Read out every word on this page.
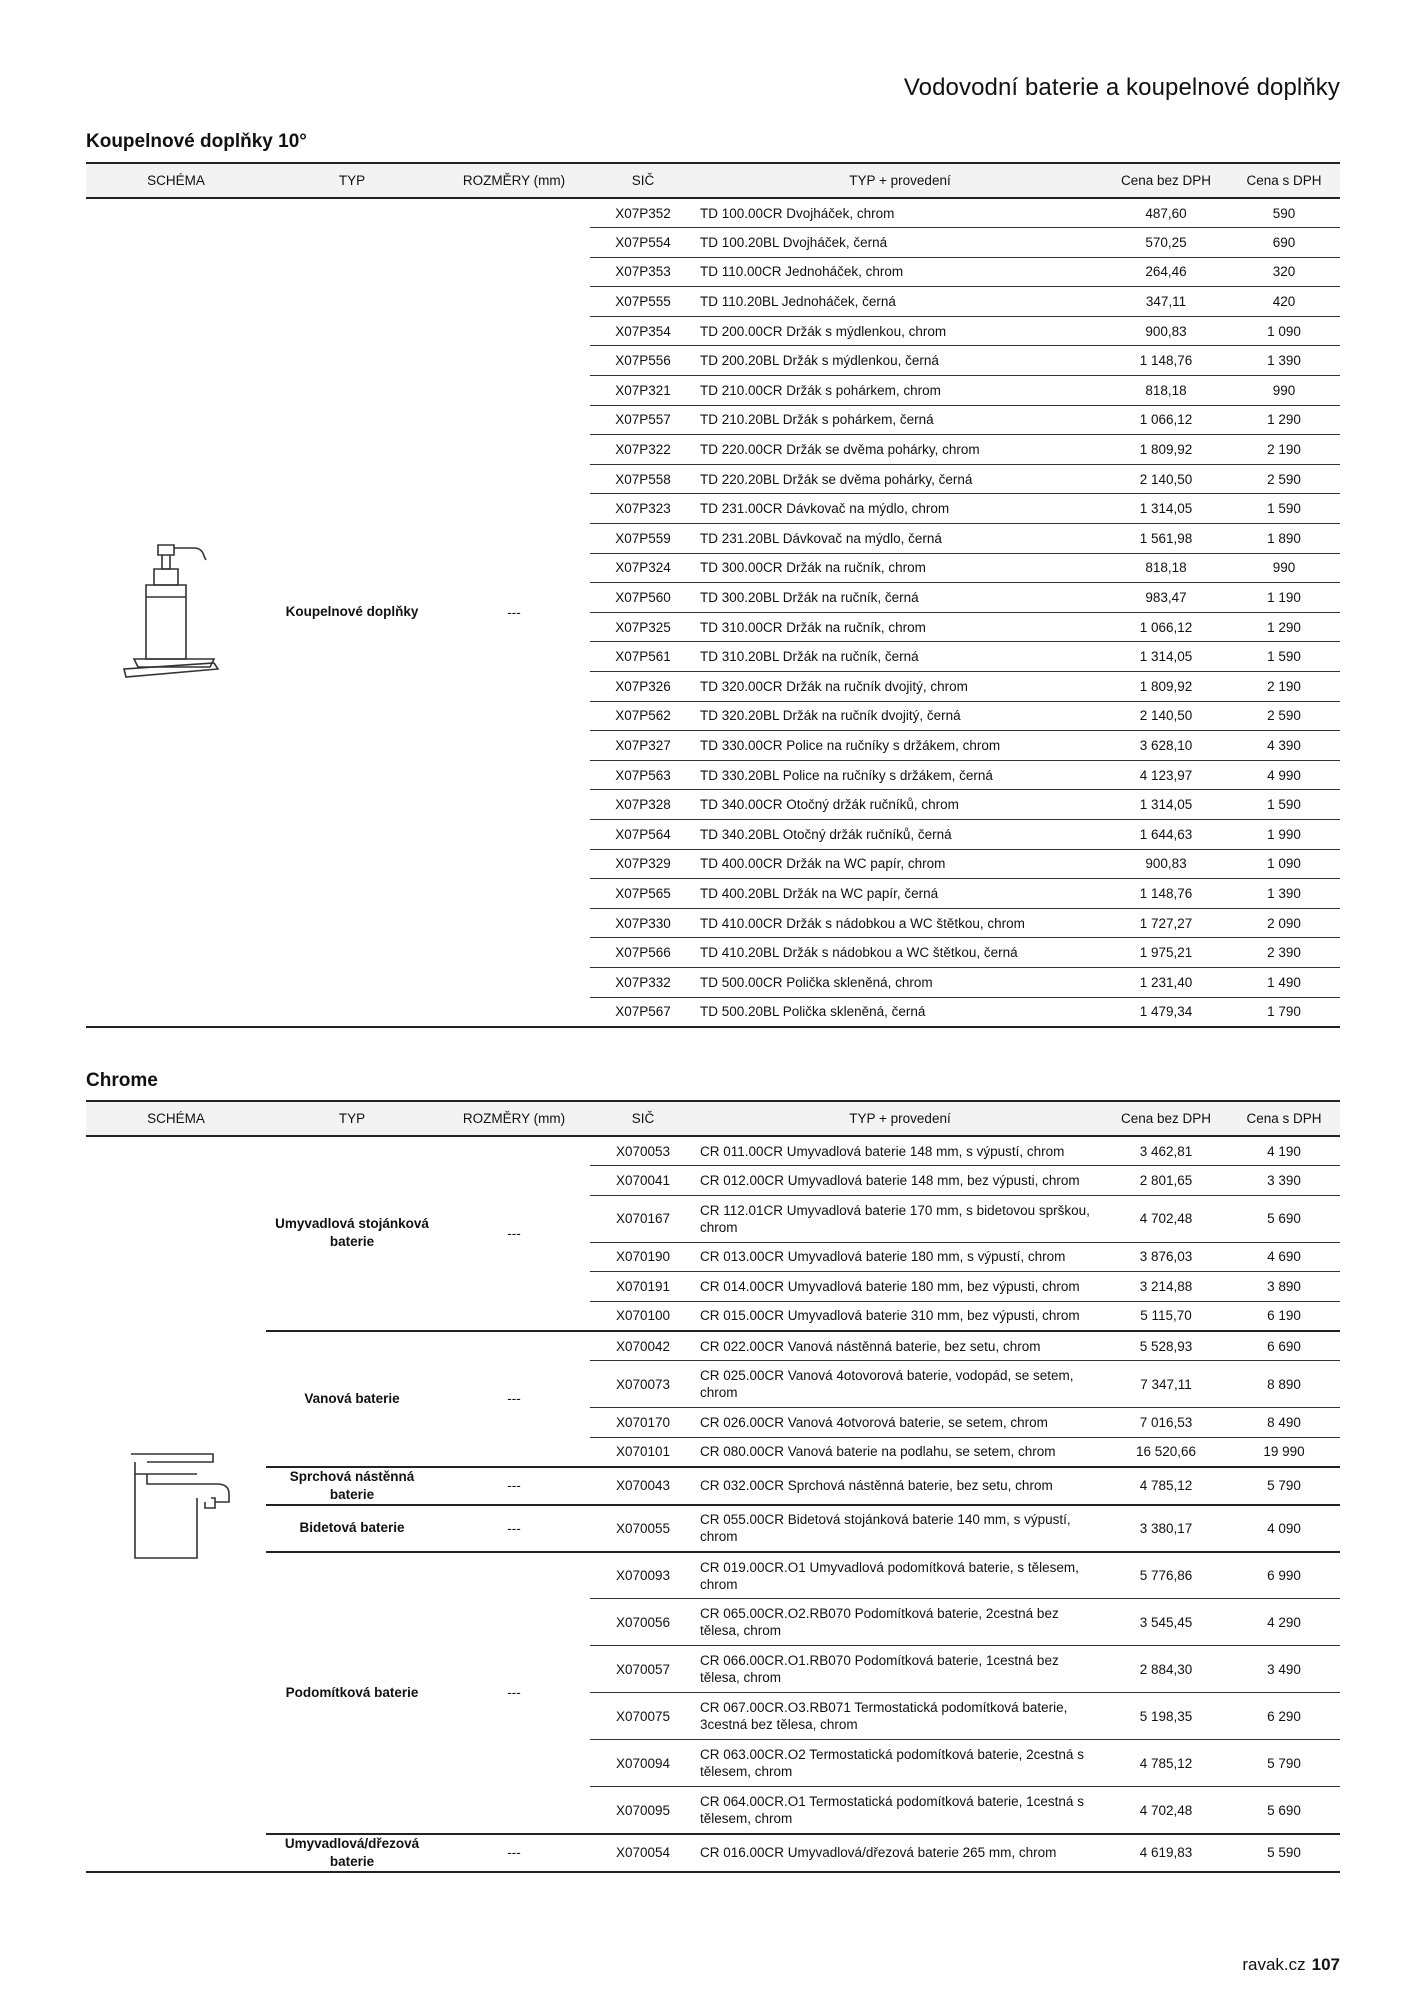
Vodovodní baterie a koupelnové doplňky
Koupelnové doplňky 10°
SCHÉMA	TYP	ROZMĚRY (mm)	SIČ	TYP + provedení	Cena bez DPH	Cena s DPH

	Koupelnové doplňky	---	X07P352	TD 100.00CR Dvojháček, chrom	487,60	590
			X07P554	TD 100.20BL Dvojháček, černá	570,25	690
			X07P353	TD 110.00CR Jednoháček, chrom	264,46	320
			X07P555	TD 110.20BL Jednoháček, černá	347,11	420
			X07P354	TD 200.00CR Držák s mýdlenkou, chrom	900,83	1 090
			X07P556	TD 200.20BL Držák s mýdlenkou, černá	1 148,76	1 390
			X07P321	TD 210.00CR Držák s pohárkem, chrom	818,18	990
			X07P557	TD 210.20BL Držák s pohárkem, černá	1 066,12	1 290
			X07P322	TD 220.00CR Držák se dvěma pohárky, chrom	1 809,92	2 190
			X07P558	TD 220.20BL Držák se dvěma pohárky, černá	2 140,50	2 590
			X07P323	TD 231.00CR Dávkovač na mýdlo, chrom	1 314,05	1 590
			X07P559	TD 231.20BL Dávkovač na mýdlo, černá	1 561,98	1 890
			X07P324	TD 300.00CR Držák na ručník, chrom	818,18	990
			X07P560	TD 300.20BL Držák na ručník, černá	983,47	1 190
			X07P325	TD 310.00CR Držák na ručník, chrom	1 066,12	1 290
			X07P561	TD 310.20BL Držák na ručník, černá	1 314,05	1 590
			X07P326	TD 320.00CR Držák na ručník dvojitý, chrom	1 809,92	2 190
			X07P562	TD 320.20BL Držák na ručník dvojitý, černá	2 140,50	2 590
			X07P327	TD 330.00CR Police na ručníky s držákem, chrom	3 628,10	4 390
			X07P563	TD 330.20BL Police na ručníky s držákem, černá	4 123,97	4 990
			X07P328	TD 340.00CR Otočný držák ručníků, chrom	1 314,05	1 590
			X07P564	TD 340.20BL Otočný držák ručníků, černá	1 644,63	1 990
			X07P329	TD 400.00CR Držák na WC papír, chrom	900,83	1 090
			X07P565	TD 400.20BL Držák na WC papír, černá	1 148,76	1 390
			X07P330	TD 410.00CR Držák s nádobkou a WC štětkou, chrom	1 727,27	2 090
			X07P566	TD 410.20BL Držák s nádobkou a WC štětkou, černá	1 975,21	2 390
			X07P332	TD 500.00CR Polička skleněná, chrom	1 231,40	1 490
			X07P567	TD 500.20BL Polička skleněná, černá	1 479,34	1 790
Chrome
SCHÉMA	TYP	ROZMĚRY (mm)	SIČ	TYP + provedení	Cena bez DPH	Cena s DPH

	Umyvadlová stojánková baterie	---	X070053	CR 011.00CR Umyvadlová baterie 148 mm, s výpustí, chrom	3 462,81	4 190
			X070041	CR 012.00CR Umyvadlová baterie 148 mm, bez výpusti, chrom	2 801,65	3 390
			X070167	CR 112.01CR Umyvadlová baterie 170 mm, s bidetovou sprškou, chrom	4 702,48	5 690
			X070190	CR 013.00CR Umyvadlová baterie 180 mm, s výpustí, chrom	3 876,03	4 690
			X070191	CR 014.00CR Umyvadlová baterie 180 mm, bez výpusti, chrom	3 214,88	3 890
			X070100	CR 015.00CR Umyvadlová baterie 310 mm, bez výpusti, chrom	5 115,70	6 190
	Vanová baterie	---	X070042	CR 022.00CR Vanová nástěnná baterie, bez setu, chrom	5 528,93	6 690
			X070073	CR 025.00CR Vanová 4otovorová baterie, vodopád, se setem, chrom	7 347,11	8 890
			X070170	CR 026.00CR Vanová 4otvorová baterie, se setem, chrom	7 016,53	8 490
			X070101	CR 080.00CR Vanová baterie na podlahu, se setem, chrom	16 520,66	19 990
	Sprchová nástěnná baterie	---	X070043	CR 032.00CR Sprchová nástěnná baterie, bez setu, chrom	4 785,12	5 790
	Bidetová baterie	---	X070055	CR 055.00CR Bidetová stojánková baterie 140 mm, s výpustí, chrom	3 380,17	4 090
	Podomítková baterie	---	X070093	CR 019.00CR.O1 Umyvadlová podomítková baterie, s tělesem, chrom	5 776,86	6 990
			X070056	CR 065.00CR.O2.RB070 Podomítková baterie, 2cestná bez tělesa, chrom	3 545,45	4 290
			X070057	CR 066.00CR.O1.RB070 Podomítková baterie, 1cestná bez tělesa, chrom	2 884,30	3 490
			X070075	CR 067.00CR.O3.RB071 Termostatická podomítková baterie, 3cestná bez tělesa, chrom	5 198,35	6 290
			X070094	CR 063.00CR.O2 Termostatická podomítková baterie, 2cestná s tělesem, chrom	4 785,12	5 790
			X070095	CR 064.00CR.O1 Termostatická podomítková baterie, 1cestná s tělesem, chrom	4 702,48	5 690
	Umyvadlová/dřezová baterie	---	X070054	CR 016.00CR Umyvadlová/dřezová baterie 265 mm, chrom	4 619,83	5 590
ravak.cz 107
